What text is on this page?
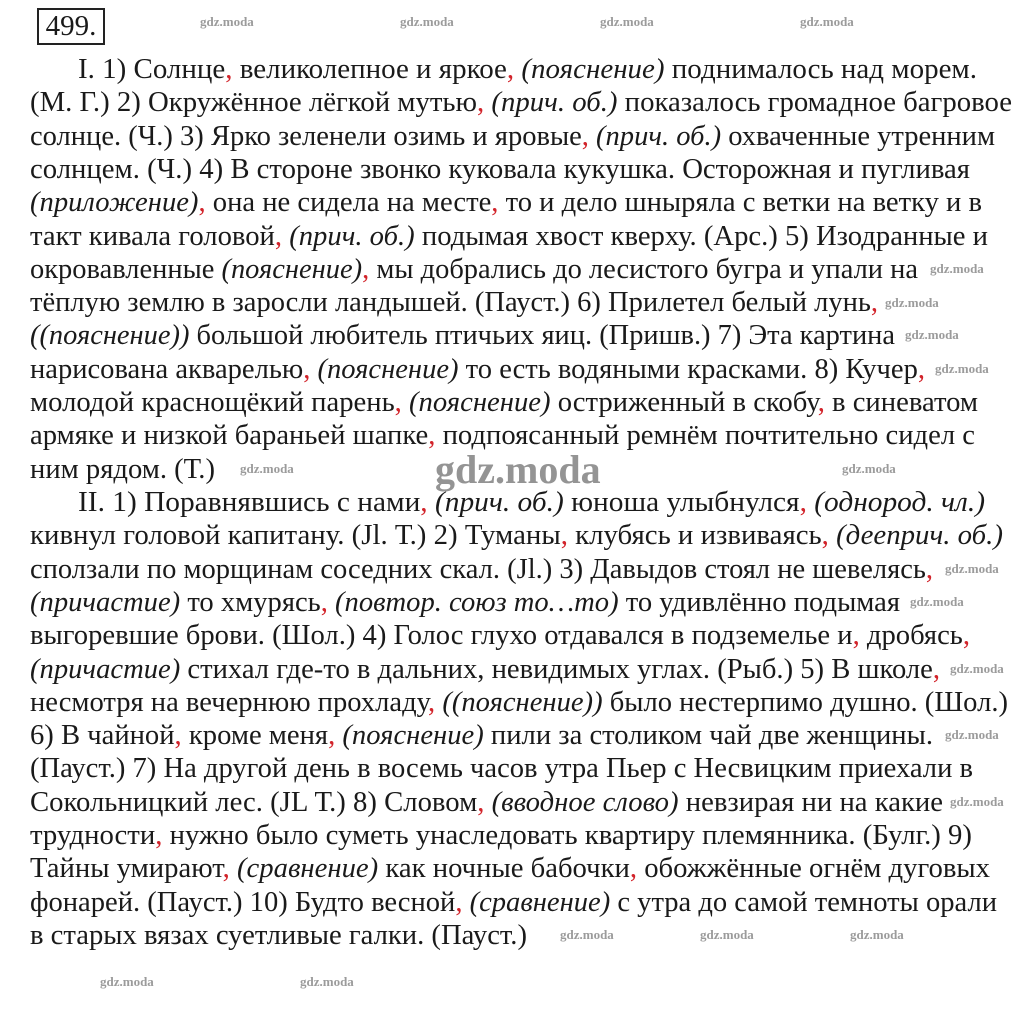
499.
I. 1) Солнце, великолепное и яркое, (пояснение) поднималось над морем.
(М. Г.) 2) Окружённое лёгкой мутью, (прич. об.) показалось громадное багровое
солнце. (Ч.) 3) Ярко зеленели озимь и яровые, (прич. об.) охваченные утренним
солнцем. (Ч.) 4) В стороне звонко куковала кукушка. Осторожная и пугливая
(приложение), она не сидела на месте, то и дело шныряла с ветки на ветку и в
такт кивала головой, (прич. об.) подымая хвост кверху. (Арс.) 5) Изодранные и
окровавленные (пояснение), мы добрались до лесистого бугра и упали на
тёплую землю в заросли ландышей. (Пауст.) 6) Прилетел белый лунь,
((пояснение)) большой любитель птичьих яиц. (Пришв.) 7) Эта картина
нарисована акварелью, (пояснение) то есть водяными красками. 8) Кучер,
молодой краснощёкий парень, (пояснение) остриженный в скобу, в синеватом
армяке и низкой бараньей шапке, подпоясанный ремнём почтительно сидел с
ним рядом. (Т.)
II. 1) Поравнявшись с нами, (прич. об.) юноша улыбнулся, (однород. чл.)
кивнул головой капитану. (Jl. Т.) 2) Туманы, клубясь и извиваясь, (дееприч. об.)
сползали по морщинам соседних скал. (Jl.) 3) Давыдов стоял не шевелясь,
(причастие) то хмурясь, (повтор. союз то…то) то удивлённо подымая
выгоревшие брови. (Шол.) 4) Голос глухо отдавался в подземелье и, дробясь,
(причастие) стихал где-то в дальних, невидимых углах. (Рыб.) 5) В школе,
несмотря на вечернюю прохладу, ((пояснение)) было нестерпимо душно. (Шол.)
6) В чайной, кроме меня, (пояснение) пили за столиком чай две женщины.
(Пауст.) 7) На другой день в восемь часов утра Пьер с Несвицким приехали в
Сокольницкий лес. (JL Т.) 8) Словом, (вводное слово) невзирая ни на какие
трудности, нужно было суметь унаследовать квартиру племянника. (Булг.) 9)
Тайны умирают, (сравнение) как ночные бабочки, обожжённые огнём дуговых
фонарей. (Пауст.) 10) Будто весной, (сравнение) с утра до самой темноты орали
в старых вязах суетливые галки. (Пауст.)
gdz.moda	gdz.moda	gdz.moda	gdz.moda
gdz.moda
gdz.moda
gdz.moda
gdz.moda
gdz.moda	gdz.moda
gdz.moda
gdz.moda
gdz.moda
gdz.moda
gdz.moda
gdz.moda	gdz.moda	gdz.moda
gdz.moda	gdz.moda
gdz.moda
